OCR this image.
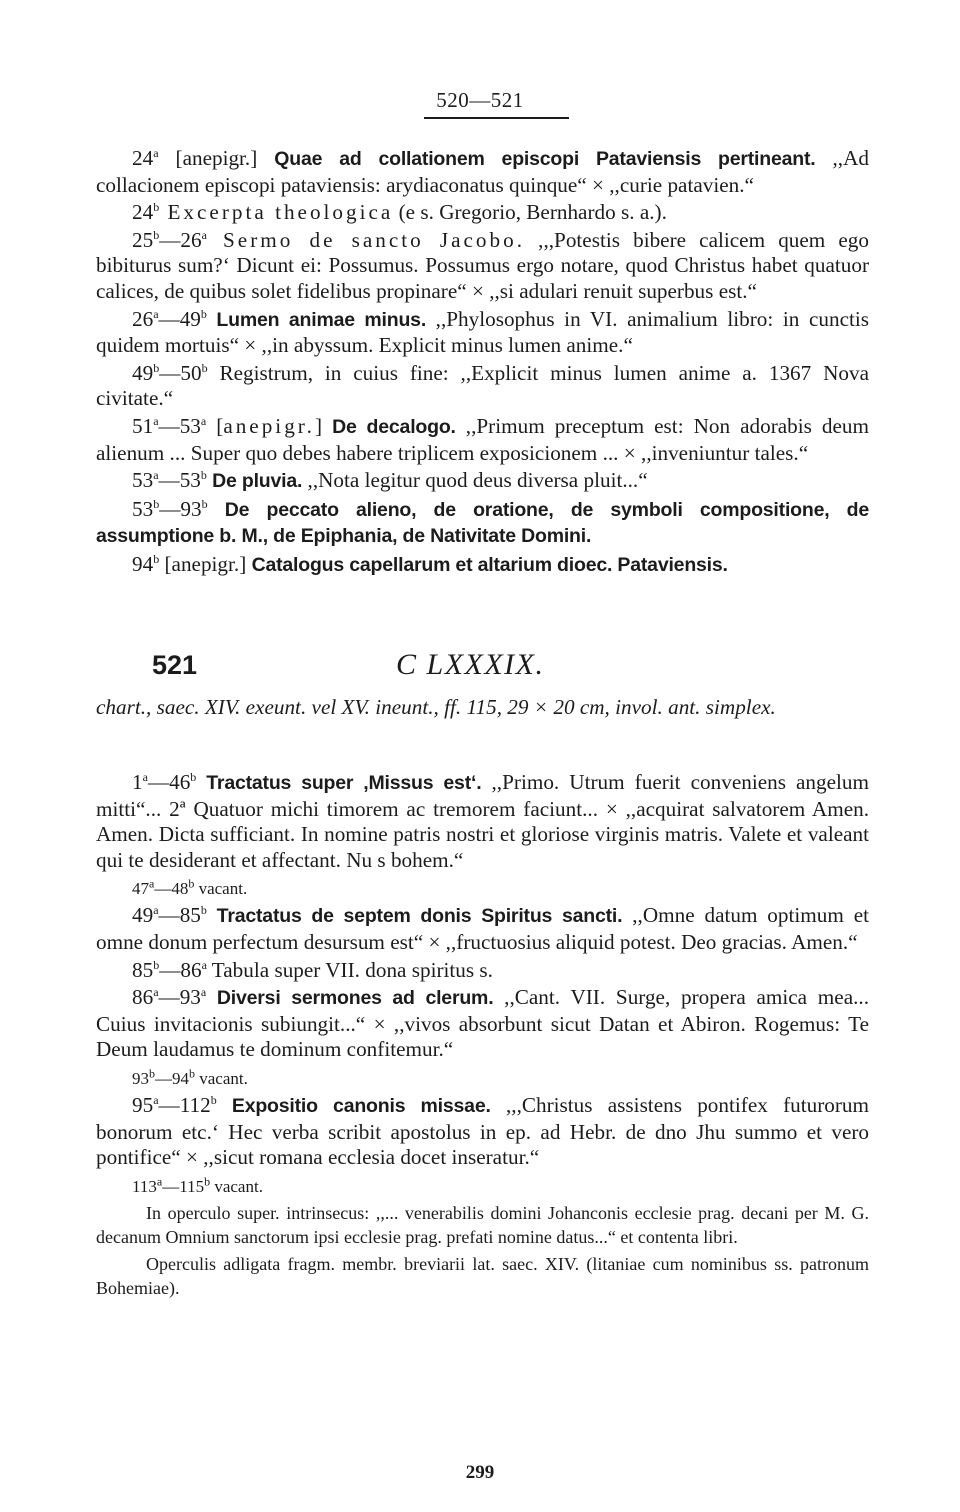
520—521

24$^a$ [anepigr.] Quae ad collationem episcopi Pataviensis pertineant. ,,Ad collacionem episcopi pataviensis: arydiaconatus quinque“ × ,,curie patavien.“

24$^b$ Excerpta theologica (e s. Gregorio, Bernhardo s. a.).

25$^b$—26$^a$ Sermo de sancto Jacobo. ,,,Potestis bibere calicem quem ego bibiturus sum?‘ Dicunt ei: Possumus. Possumus ergo notare, quod Christus habet quatuor calices, de quibus solet fidelibus propinare“ × ,,si adulari renuit superbus est.“

26$^a$—49$^b$ Lumen animae minus. ,,Phylosophus in VI. animalium libro: in cunctis quidem mortuis“ × ,,in abyssum. Explicit minus lumen anime.“

49$^b$—50$^b$ Registrum, in cuius fine: ,,Explicit minus lumen anime a. 1367 Nova civitate.“

51$^a$—53$^a$ [anepigr.] De decalogo. ,,Primum preceptum est: Non adorabis deum alienum ... Super quo debes habere triplicem exposicionem ... × ,,inveniuntur tales.“

53$^a$—53$^b$ De pluvia. ,,Nota legitur quod deus diversa pluit...“

53$^b$—93$^b$ De peccato alieno, de oratione, de symboli compositione, de assumptione b. M., de Epiphania, de Nativitate Domini.

94$^b$ [anepigr.] Catalogus capellarum et altarium dioec. Pataviensis.

521	C LXXXIX.

chart., saec. XIV. exeunt. vel XV. ineunt., ff. 115, 29 × 20 cm, invol. ant. simplex.

1$^a$—46$^b$ Tractatus super ,Missus est‘. ,,Primo. Utrum fuerit conveniens angelum mitti“... 2ª Quatuor michi timorem ac tremorem faciunt... × ,,acquirat salvatorem Amen. Amen. Dicta sufficiant. In nomine patris nostri et gloriose virginis matris. Valete et valeant qui te desiderant et affectant. Nu s bohem.“

47$^a$—48$^b$ vacant.

49$^a$—85$^b$ Tractatus de septem donis Spiritus sancti. ,,Omne datum optimum et omne donum perfectum desursum est“ × ,,fructuosius aliquid potest. Deo gracias. Amen.“

85$^b$—86$^a$ Tabula super VII. dona spiritus s.

86$^a$—93$^a$ Diversi sermones ad clerum. ,,Cant. VII. Surge, propera amica mea... Cuius invitacionis subiungit...“ × ,,vivos absorbunt sicut Datan et Abiron. Rogemus: Te Deum laudamus te dominum confitemur.“

93$^b$—94$^b$ vacant.

95$^a$—112$^b$ Expositio canonis missae. ,,,Christus assistens pontifex futurorum bonorum etc.‘ Hec verba scribit apostolus in ep. ad Hebr. de dno Jhu summo et vero pontifice“ × ,,sicut romana ecclesia docet inseratur.“

113$^a$—115$^b$ vacant.

In operculo super. intrinsecus: ,,... venerabilis domini Johanconis ecclesie prag. decani per M. G. decanum Omnium sanctorum ipsi ecclesie prag. prefati nomine datus...“ et contenta libri.

Operculis adligata fragm. membr. breviarii lat. saec. XIV. (litaniae cum nominibus ss. patronum Bohemiae).

299
